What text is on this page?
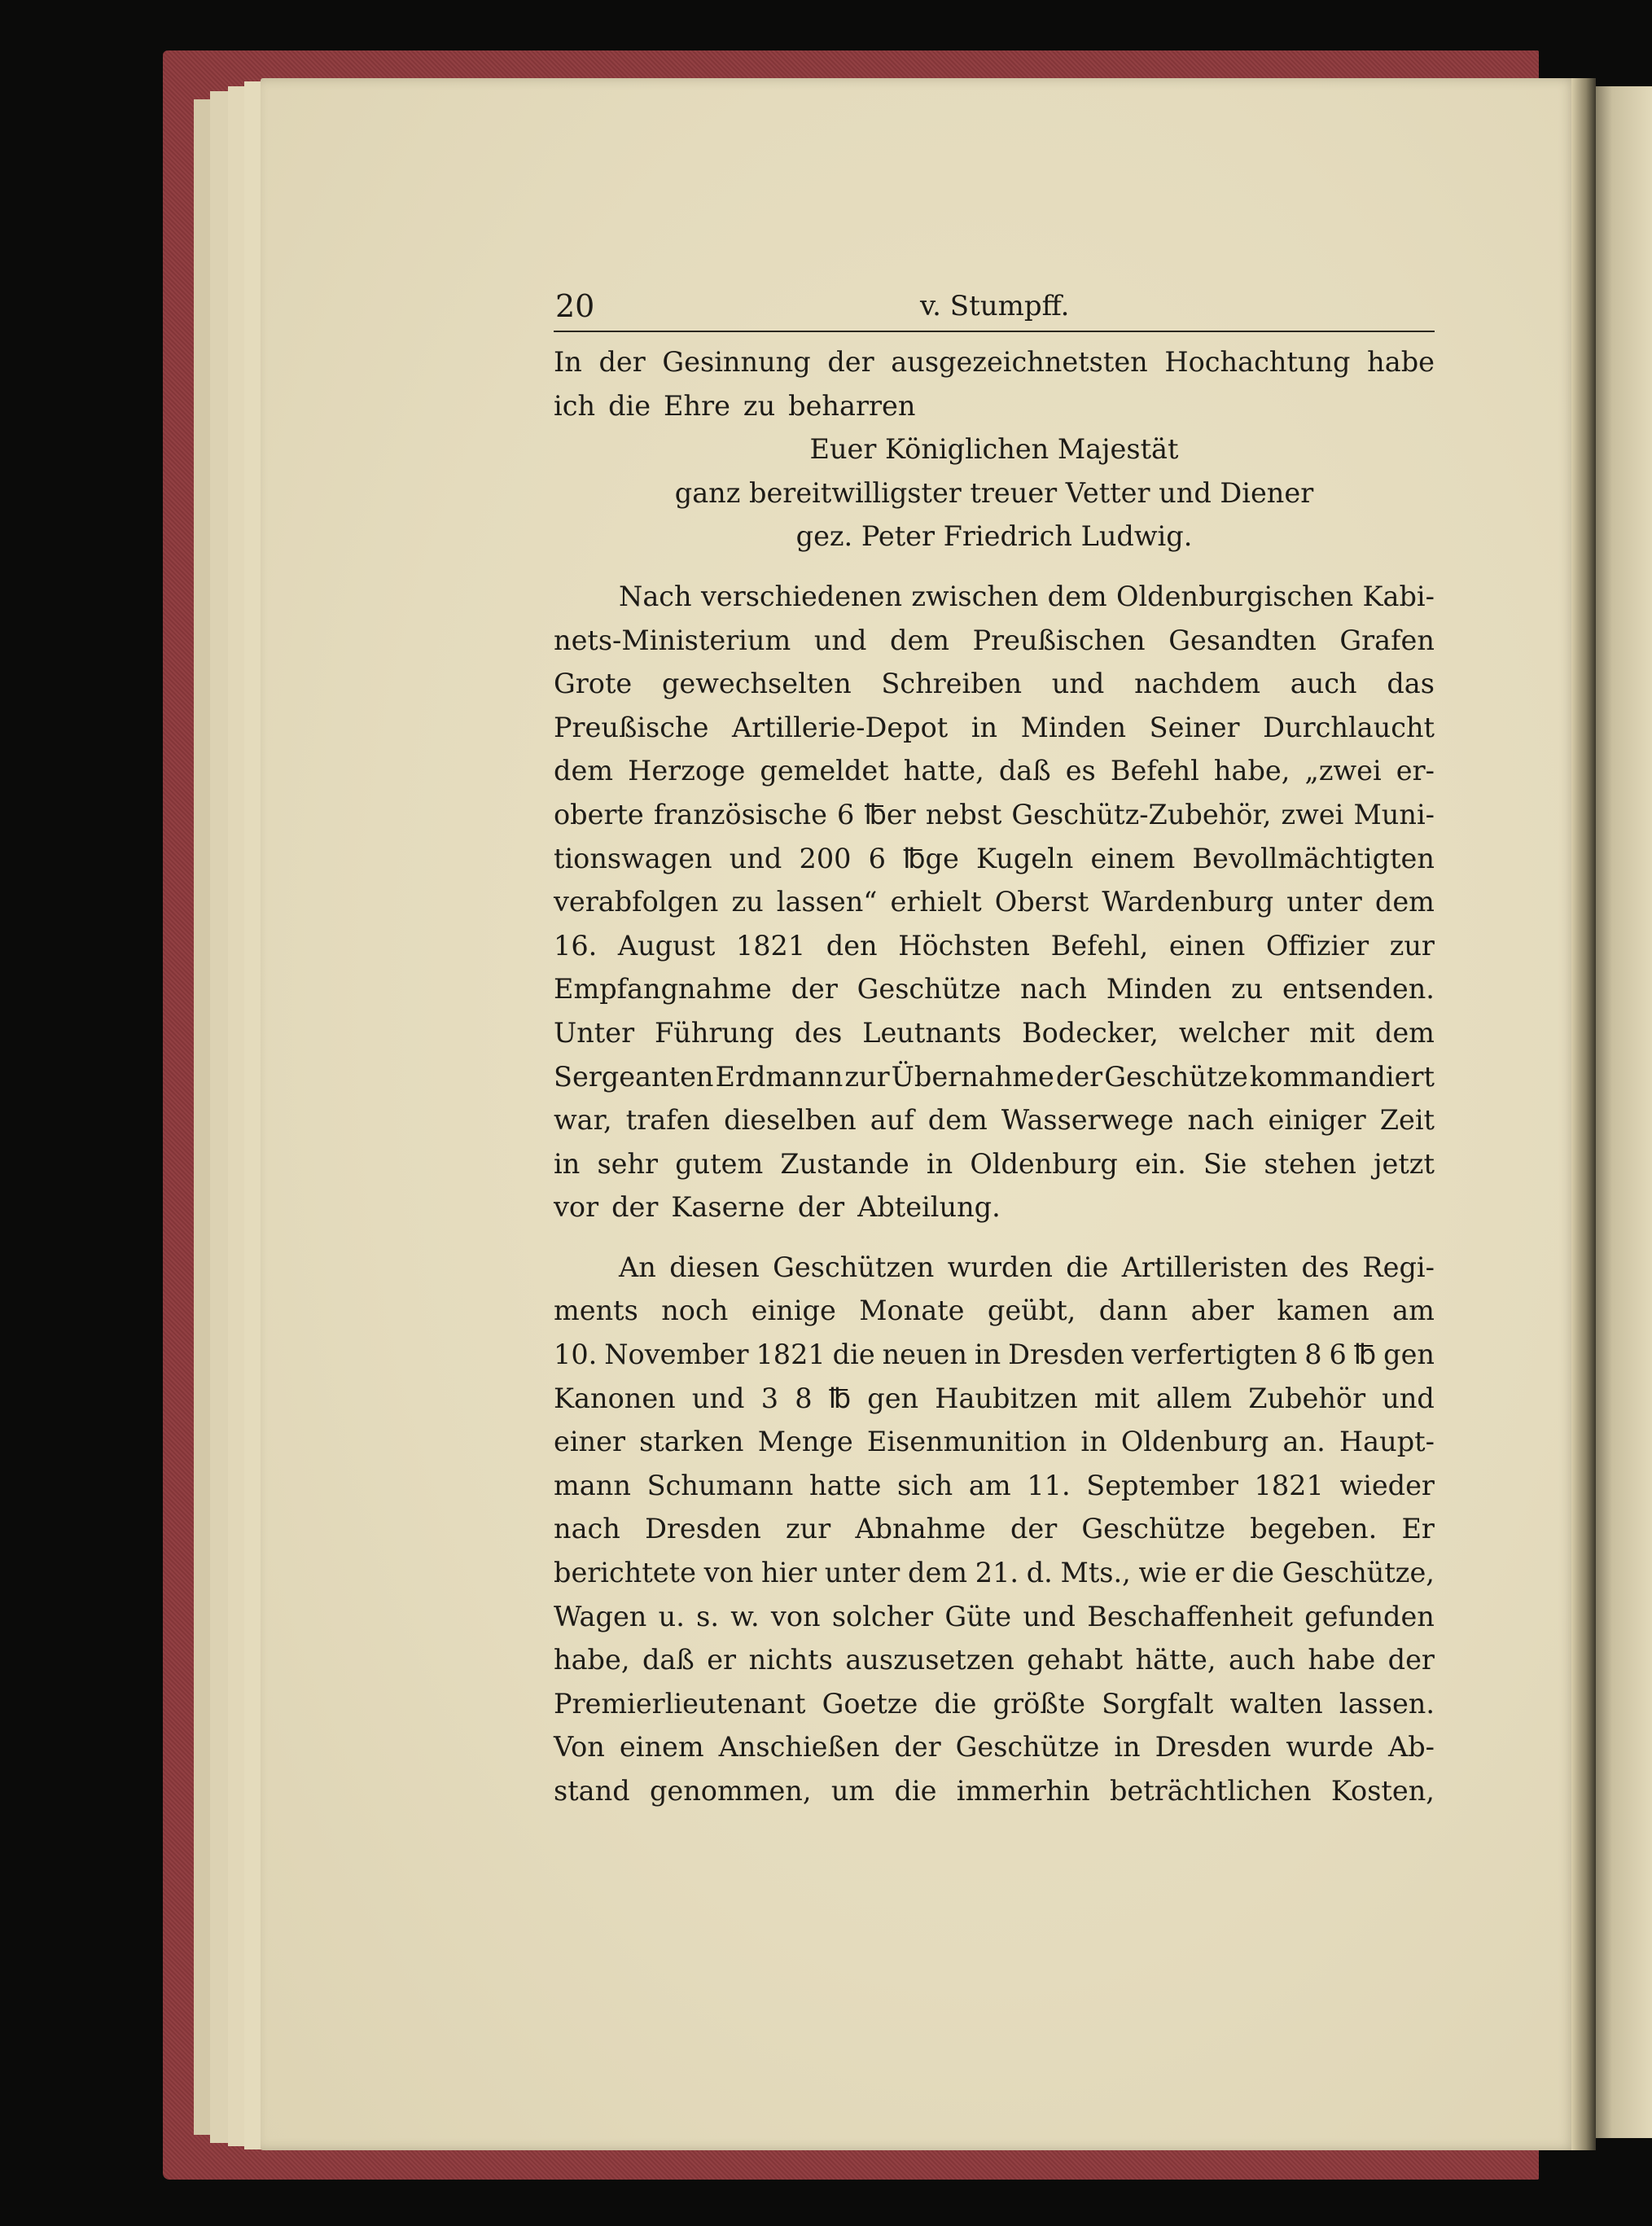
20	v. Stumpff.
In der Gesinnung der ausgezeichnetsten Hochachtung habe
ich die Ehre zu beharren
Euer Königlichen Majestät
ganz bereitwilligster treuer Vetter und Diener
gez. Peter Friedrich Ludwig.
Nach verschiedenen zwischen dem Oldenburgischen Kabi-
nets-Ministerium und dem Preußischen Gesandten Grafen
Grote gewechselten Schreiben und nachdem auch das
Preußische Artillerie-Depot in Minden Seiner Durchlaucht
dem Herzoge gemeldet hatte, daß es Befehl habe, „zwei er-
oberte französische 6 ℔er nebst Geschütz-Zubehör, zwei Muni-
tionswagen und 200 6 ℔ge Kugeln einem Bevollmächtigten
verabfolgen zu lassen“ erhielt Oberst Wardenburg unter dem
16. August 1821 den Höchsten Befehl, einen Offizier zur
Empfangnahme der Geschütze nach Minden zu entsenden.
Unter Führung des Leutnants Bodecker, welcher mit dem
Sergeanten Erdmann zur Übernahme der Geschütze kommandiert
war, trafen dieselben auf dem Wasserwege nach einiger Zeit
in sehr gutem Zustande in Oldenburg ein. Sie stehen jetzt
vor der Kaserne der Abteilung.
An diesen Geschützen wurden die Artilleristen des Regi-
ments noch einige Monate geübt, dann aber kamen am
10. November 1821 die neuen in Dresden verfertigten 8 6 ℔ gen
Kanonen und 3 8 ℔ gen Haubitzen mit allem Zubehör und
einer starken Menge Eisenmunition in Oldenburg an. Haupt-
mann Schumann hatte sich am 11. September 1821 wieder
nach Dresden zur Abnahme der Geschütze begeben. Er
berichtete von hier unter dem 21. d. Mts., wie er die Geschütze,
Wagen u. s. w. von solcher Güte und Beschaffenheit gefunden
habe, daß er nichts auszusetzen gehabt hätte, auch habe der
Premierlieutenant Goetze die größte Sorgfalt walten lassen.
Von einem Anschießen der Geschütze in Dresden wurde Ab-
stand genommen, um die immerhin beträchtlichen Kosten,
